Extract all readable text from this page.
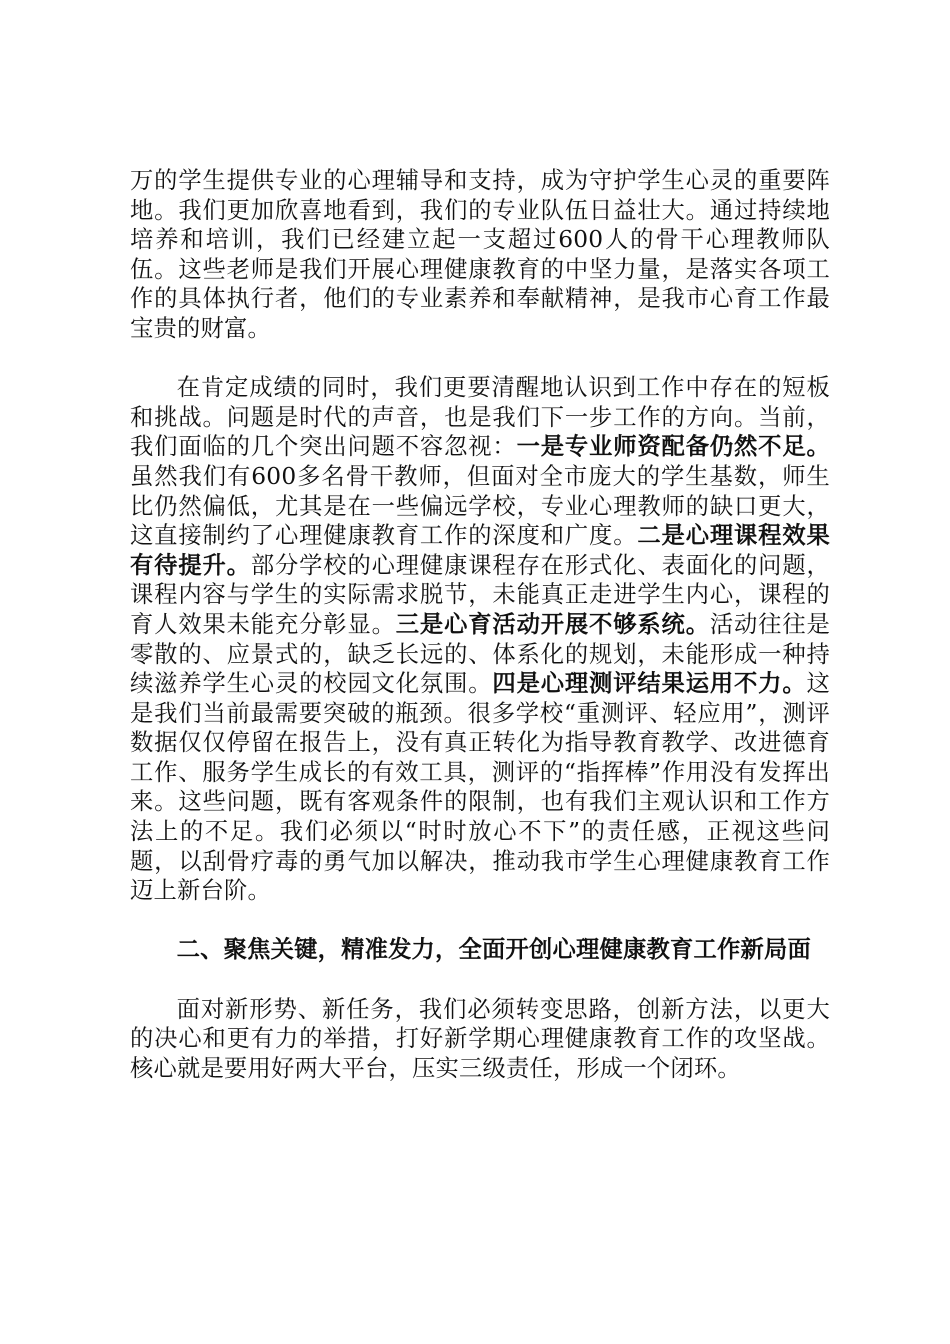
万的学生提供专业的心理辅导和支持，成为守护学生心灵的重要阵地。我们更加欣喜地看到，我们的专业队伍日益壮大。通过持续地培养和培训，我们已经建立起一支超过600人的骨干心理教师队伍。这些老师是我们开展心理健康教育的中坚力量，是落实各项工作的具体执行者，他们的专业素养和奉献精神，是我市心育工作最宝贵的财富。

在肯定成绩的同时，我们更要清醒地认识到工作中存在的短板和挑战。问题是时代的声音，也是我们下一步工作的方向。当前，我们面临的几个突出问题不容忽视：一是专业师资配备仍然不足。虽然我们有600多名骨干教师，但面对全市庞大的学生基数，师生比仍然偏低，尤其是在一些偏远学校，专业心理教师的缺口更大，这直接制约了心理健康教育工作的深度和广度。二是心理课程效果有待提升。部分学校的心理健康课程存在形式化、表面化的问题，课程内容与学生的实际需求脱节，未能真正走进学生内心，课程的育人效果未能充分彰显。三是心育活动开展不够系统。活动往往是零散的、应景式的，缺乏长远的、体系化的规划，未能形成一种持续滋养学生心灵的校园文化氛围。四是心理测评结果运用不力。这是我们当前最需要突破的瓶颈。很多学校“重测评、轻应用”，测评数据仅仅停留在报告上，没有真正转化为指导教育教学、改进德育工作、服务学生成长的有效工具，测评的“指挥棒”作用没有发挥出来。这些问题，既有客观条件的限制，也有我们主观认识和工作方法上的不足。我们必须以“时时放心不下”的责任感，正视这些问题，以刮骨疗毒的勇气加以解决，推动我市学生心理健康教育工作迈上新台阶。

二、聚焦关键，精准发力，全面开创心理健康教育工作新局面

面对新形势、新任务，我们必须转变思路，创新方法，以更大的决心和更有力的举措，打好新学期心理健康教育工作的攻坚战。核心就是要用好两大平台，压实三级责任，形成一个闭环。
